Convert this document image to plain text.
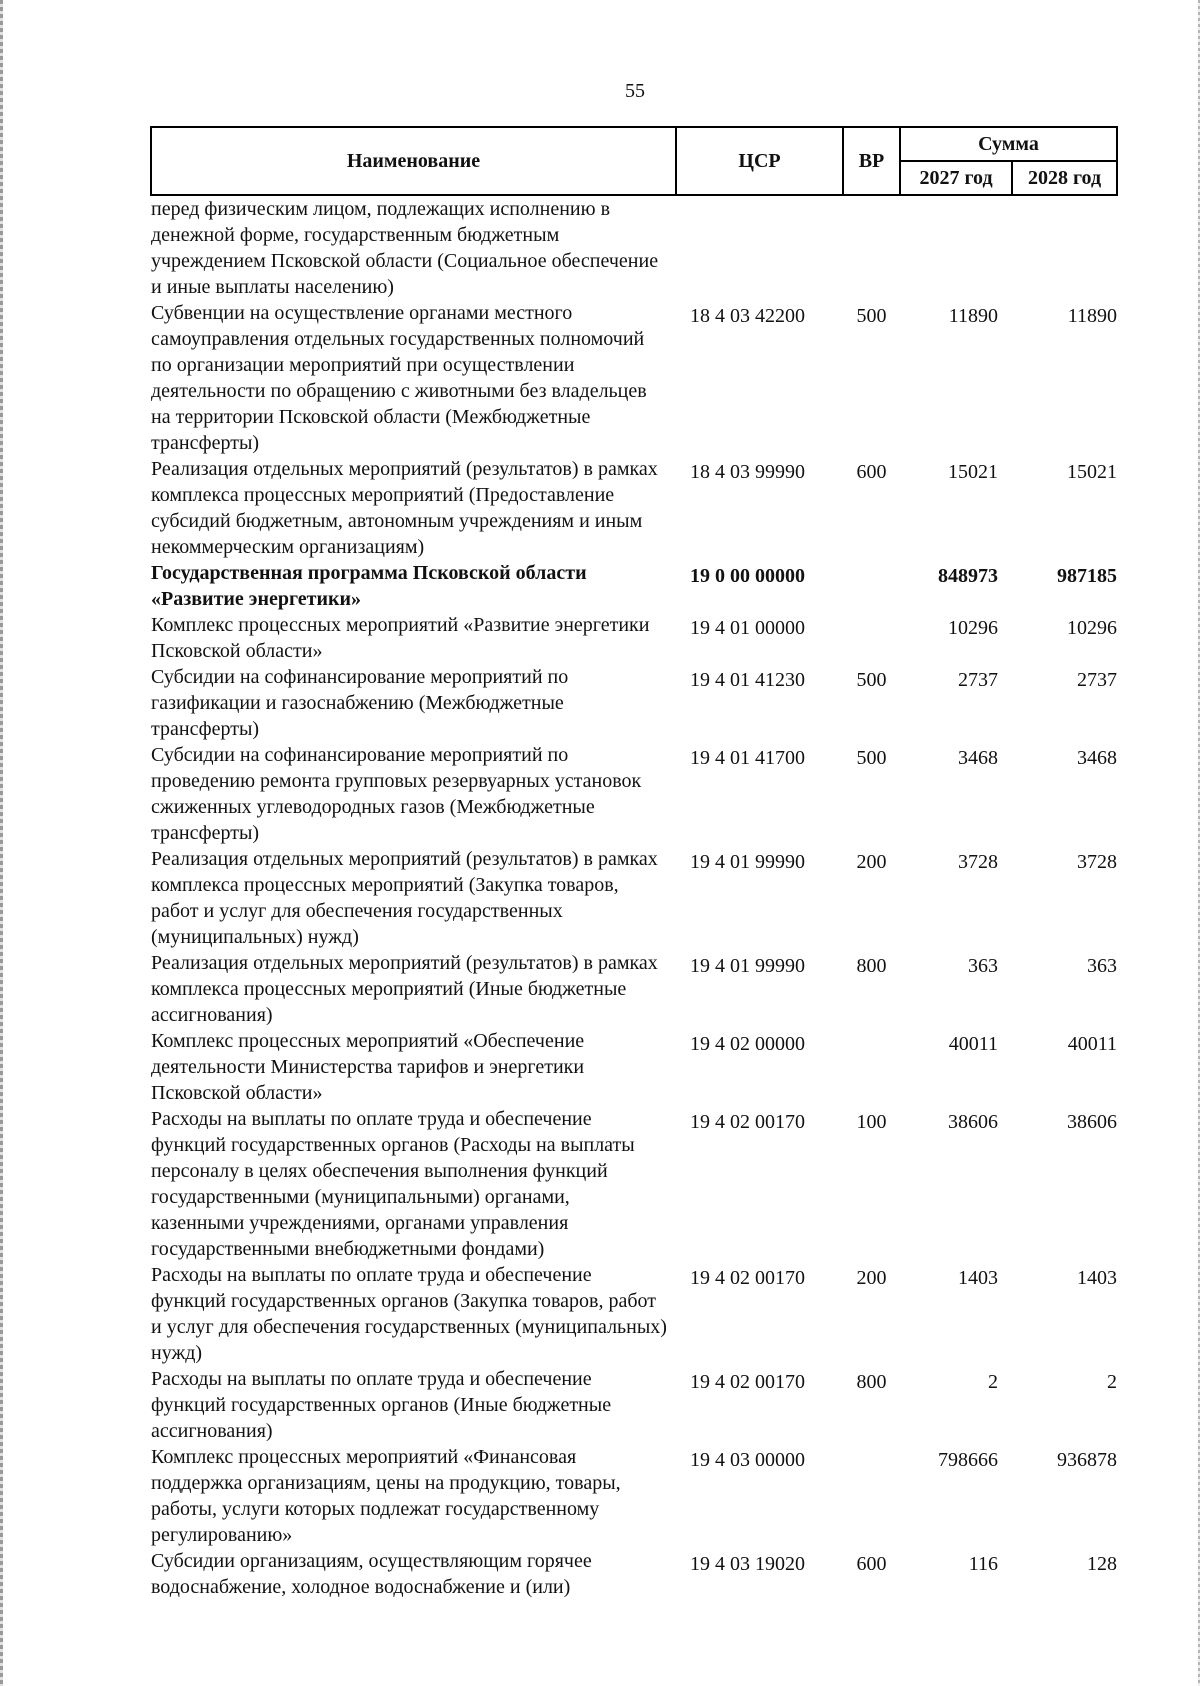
55
Наименование	ЦСР	ВР	Сумма	
			2027 год	2028 год
перед физическим лицом, подлежащих исполнению в денежной форме, государственным бюджетным учреждением Псковской области (Социальное обеспечение и иные выплаты населению)				
Субвенции на осуществление органами местного самоуправления отдельных государственных полномочий по организации мероприятий при осуществлении деятельности по обращению с животными без владельцев на территории Псковской области (Межбюджетные трансферты)	18 4 03 42200	500	11890	11890
Реализация отдельных мероприятий (результатов) в рамках комплекса процессных мероприятий (Предоставление субсидий бюджетным, автономным учреждениям и иным некоммерческим организациям)	18 4 03 99990	600	15021	15021
Государственная программа Псковской области «Развитие энергетики»	19 0 00 00000		848973	987185
Комплекс процессных мероприятий «Развитие энергетики Псковской области»	19 4 01 00000		10296	10296
Субсидии на софинансирование мероприятий по газификации и газоснабжению (Межбюджетные трансферты)	19 4 01 41230	500	2737	2737
Субсидии на софинансирование мероприятий по проведению ремонта групповых резервуарных установок сжиженных углеводородных газов (Межбюджетные трансферты)	19 4 01 41700	500	3468	3468
Реализация отдельных мероприятий (результатов) в рамках комплекса процессных мероприятий (Закупка товаров, работ и услуг для обеспечения государственных (муниципальных) нужд)	19 4 01 99990	200	3728	3728
Реализация отдельных мероприятий (результатов) в рамках комплекса процессных мероприятий (Иные бюджетные ассигнования)	19 4 01 99990	800	363	363
Комплекс процессных мероприятий «Обеспечение деятельности Министерства тарифов и энергетики Псковской области»	19 4 02 00000		40011	40011
Расходы на выплаты по оплате труда и обеспечение функций государственных органов (Расходы на выплаты персоналу в целях обеспечения выполнения функций государственными (муниципальными) органами, казенными учреждениями, органами управления государственными внебюджетными фондами)	19 4 02 00170	100	38606	38606
Расходы на выплаты по оплате труда и обеспечение функций государственных органов (Закупка товаров, работ и услуг для обеспечения государственных (муниципальных) нужд)	19 4 02 00170	200	1403	1403
Расходы на выплаты по оплате труда и обеспечение функций государственных органов (Иные бюджетные ассигнования)	19 4 02 00170	800	2	2
Комплекс процессных мероприятий «Финансовая поддержка организациям, цены на продукцию, товары, работы, услуги которых подлежат государственному регулированию»	19 4 03 00000		798666	936878
Субсидии организациям, осуществляющим горячее водоснабжение, холодное водоснабжение и (или)	19 4 03 19020	600	116	128
